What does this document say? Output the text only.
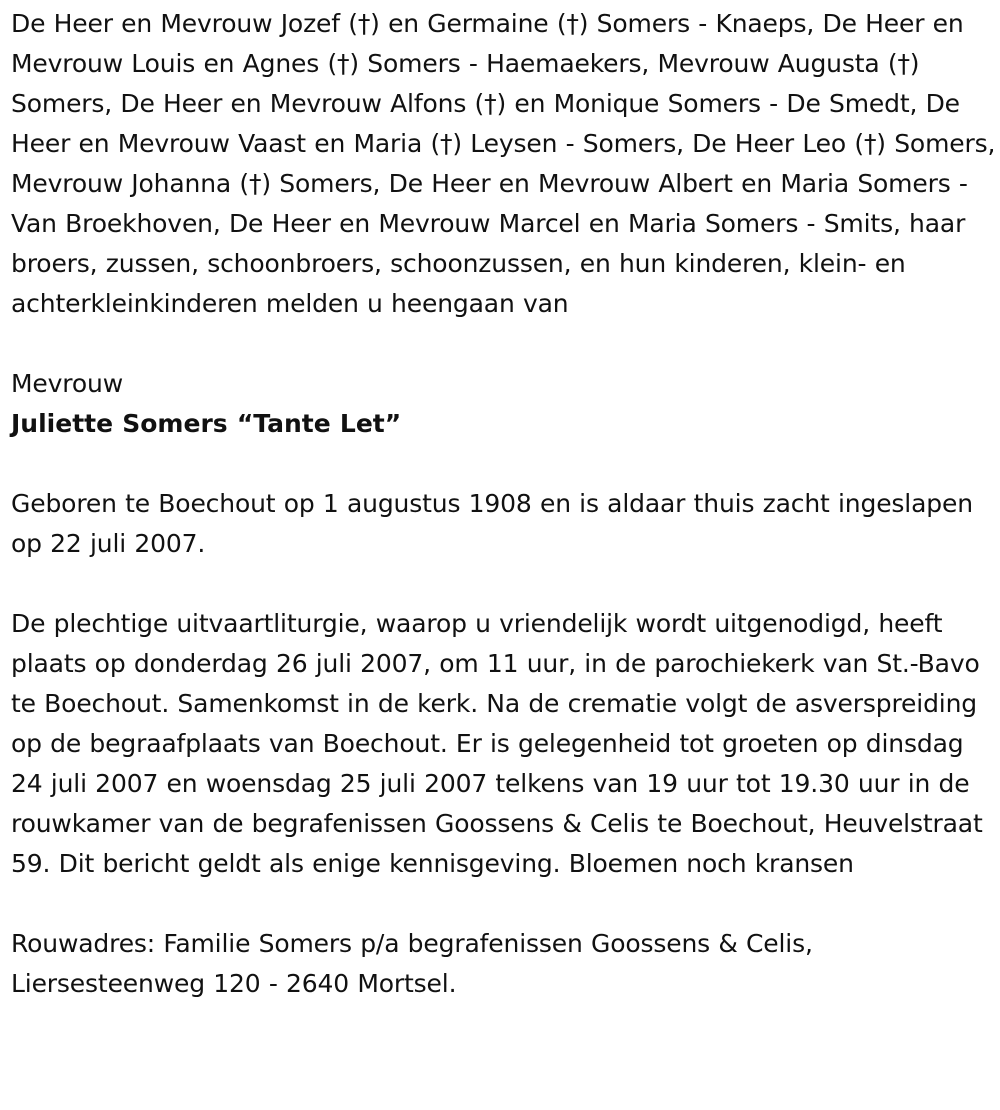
De Heer en Mevrouw Jozef (†) en Germaine (†) Somers - Knaeps, De Heer en Mevrouw Louis en Agnes (†) Somers - Haemaekers, Mevrouw Augusta (†) Somers, De Heer en Mevrouw Alfons (†) en Monique Somers - De Smedt, De Heer en Mevrouw Vaast en Maria (†) Leysen - Somers, De Heer Leo (†) Somers, Mevrouw Johanna (†) Somers, De Heer en Mevrouw Albert en Maria Somers - Van Broekhoven, De Heer en Mevrouw Marcel en Maria Somers - Smits, haar broers, zussen, schoonbroers, schoonzussen, en hun kinderen, klein- en achterkleinkinderen melden u heengaan van

Mevrouw

Juliette Somers “Tante Let”

Geboren te Boechout op 1 augustus 1908 en is aldaar thuis zacht ingeslapen op 22 juli 2007.

De plechtige uitvaartliturgie, waarop u vriendelijk wordt uitgenodigd, heeft plaats op donderdag 26 juli 2007, om 11 uur, in de parochiekerk van St.-Bavo te Boechout. Samenkomst in de kerk. Na de crematie volgt de asverspreiding op de begraafplaats van Boechout. Er is gelegenheid tot groeten op dinsdag 24 juli 2007 en woensdag 25 juli 2007 telkens van 19 uur tot 19.30 uur in de rouwkamer van de begrafenissen Goossens & Celis te Boechout, Heuvelstraat 59. Dit bericht geldt als enige kennisgeving. Bloemen noch kransen

Rouwadres: Familie Somers p/a begrafenissen Goossens & Celis, Liersesteenweg 120 - 2640 Mortsel.
